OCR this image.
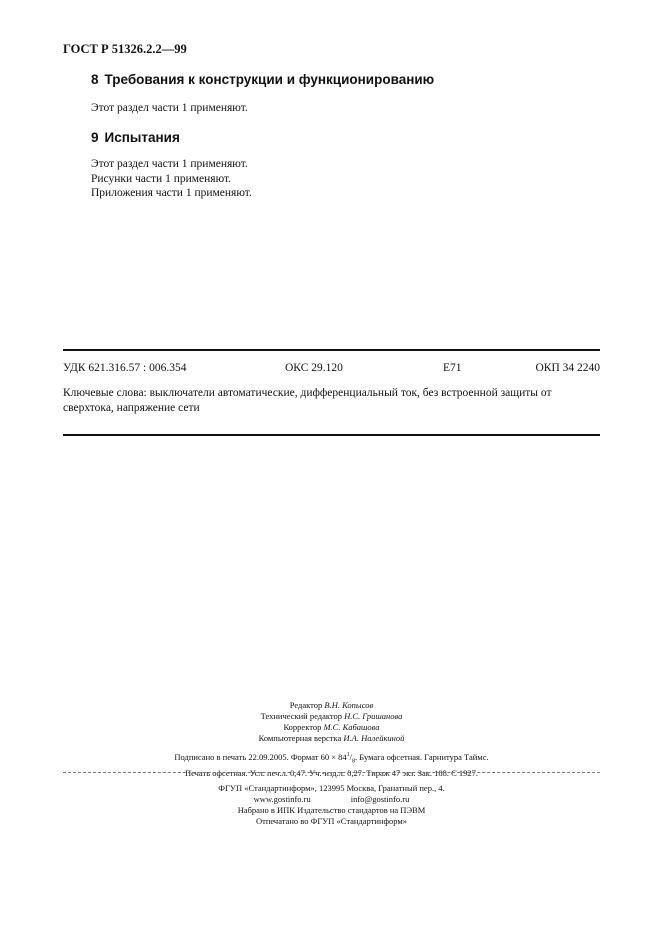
ГОСТ Р 51326.2.2—99
8 Требования к конструкции и функционированию
Этот раздел части 1 применяют.
9 Испытания
Этот раздел части 1 применяют.
Рисунки части 1 применяют.
Приложения части 1 применяют.
УДК 621.316.57 : 006.354	ОКС 29.120	Е71	ОКП 34 2240
Ключевые слова: выключатели автоматические, дифференциальный ток, без встроенной защиты от сверхтока, напряжение сети
Редактор В.Н. Копысов
Технический редактор Н.С. Гришанова
Корректор М.С. Кабашова
Компьютерная верстка И.А. Налейкиной
Подписано в печать 22.09.2005. Формат $60 \times 84^1/_8$. Бумага офсетная. Гарнитура Таймс.
Печать офсетная. Усл. печ.л. 0,47. Уч.-изд.л. 0,27. Тираж 47 экз. Зак. 188. С 1927.
ФГУП «Стандартинформ», 123995 Москва, Гранатный пер., 4.
www.gostinfo.ru	info@gostinfo.ru
Набрано в ИПК Издательство стандартов на ПЭВМ
Отпечатано во ФГУП «Стандартинформ»
